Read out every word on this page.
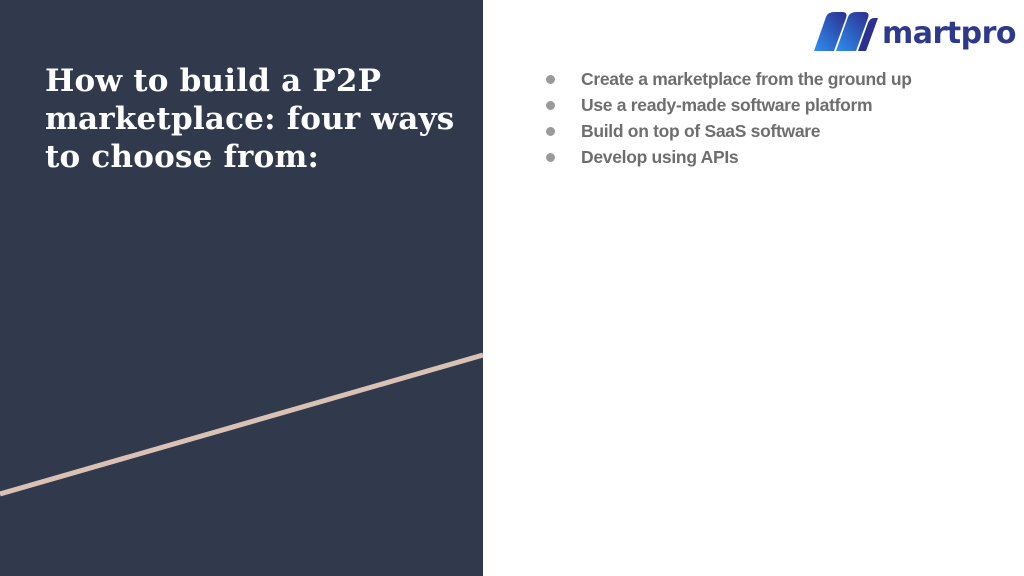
How to build a P2P marketplace: four ways to choose from:
martpro
Create a marketplace from the ground up
Use a ready-made software platform
Build on top of SaaS software
Develop using APIs
